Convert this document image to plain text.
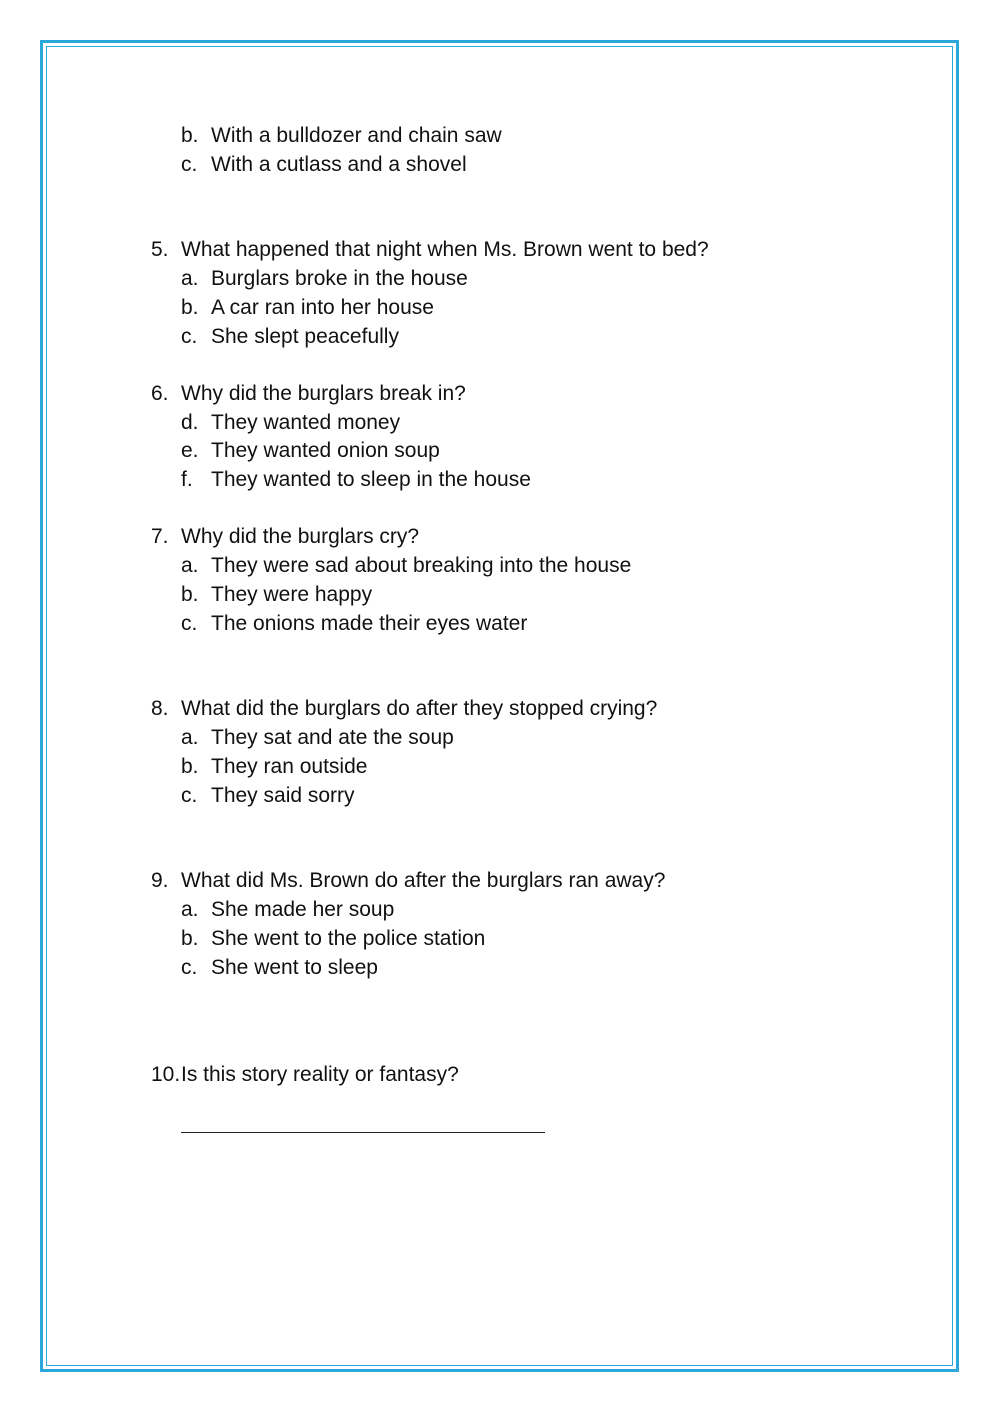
b. With a bulldozer and chain saw
c. With a cutlass and a shovel
5. What happened that night when Ms. Brown went to bed?
a. Burglars broke in the house
b. A car ran into her house
c. She slept peacefully
6. Why did the burglars break in?
d. They wanted money
e. They wanted onion soup
f. They wanted to sleep in the house
7. Why did the burglars cry?
a. They were sad about breaking into the house
b. They were happy
c. The onions made their eyes water
8. What did the burglars do after they stopped crying?
a. They sat and ate the soup
b. They ran outside
c. They said sorry
9. What did Ms. Brown do after the burglars ran away?
a. She made her soup
b. She went to the police station
c. She went to sleep
10. Is this story reality or fantasy?
